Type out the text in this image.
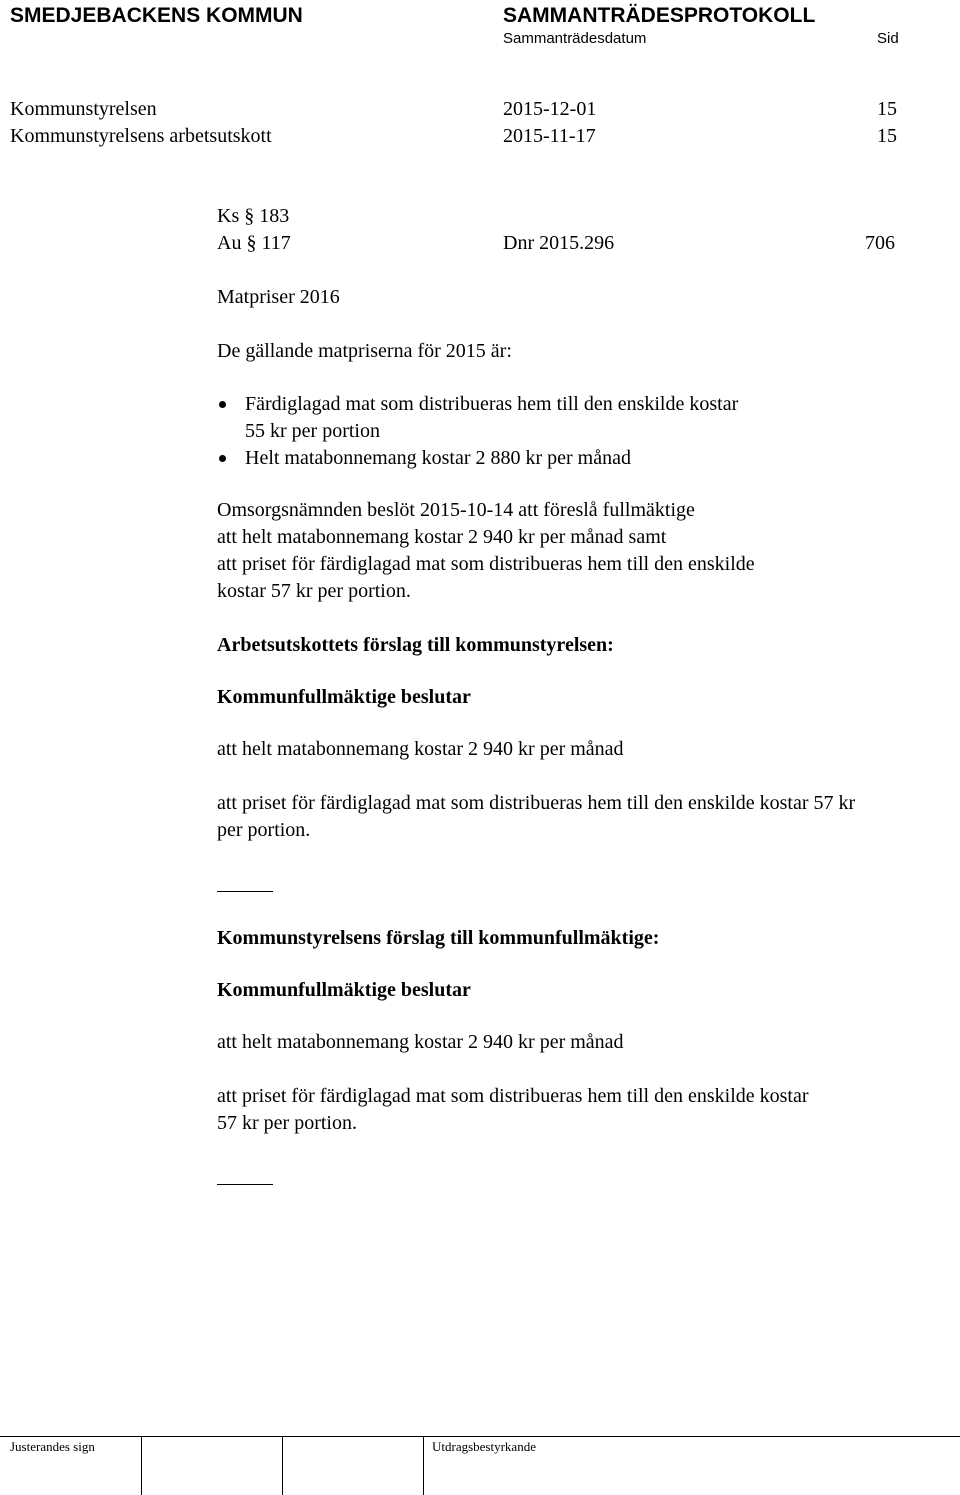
SMEDJEBACKENS KOMMUN	SAMMANTRÄDESPROTOKOLL
Sammanträdesdatum	Sid
Kommunstyrelsen	2015-12-01	15
Kommunstyrelsens arbetsutskott	2015-11-17	15
Ks § 183
Au § 117	Dnr 2015.296	706
Matpriser 2016
De gällande matpriserna för 2015 är:
Färdiglagad mat som distribueras hem till den enskilde kostar
55 kr per portion
Helt matabonnemang kostar 2 880 kr per månad
Omsorgsnämnden beslöt 2015-10-14 att föreslå fullmäktige
att helt matabonnemang kostar 2 940 kr per månad samt
att priset för färdiglagad mat som distribueras hem till den enskilde
kostar 57 kr per portion.
Arbetsutskottets förslag till kommunstyrelsen:
Kommunfullmäktige beslutar
att helt matabonnemang kostar 2 940 kr per månad
att priset för färdiglagad mat som distribueras hem till den enskilde kostar 57 kr
per portion.
Kommunstyrelsens förslag till kommunfullmäktige:
Kommunfullmäktige beslutar
att helt matabonnemang kostar 2 940 kr per månad
att priset för färdiglagad mat som distribueras hem till den enskilde kostar
57 kr per portion.
Justerandes sign	Utdragsbestyrkande
